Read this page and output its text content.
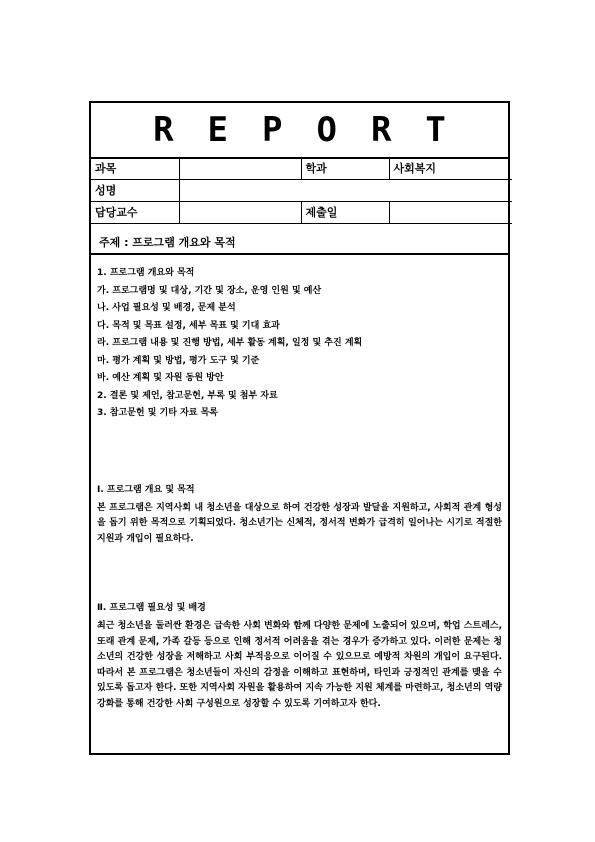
REPORT
과목		학과	사회복지
성명			
담당교수		제출일	
주제 : 프로그램 개요와 목적
1. 프로그램 개요와 목적
가. 프로그램명 및 대상, 기간 및 장소, 운영 인원 및 예산
나. 사업 필요성 및 배경, 문제 분석
다. 목적 및 목표 설정, 세부 목표 및 기대 효과
라. 프로그램 내용 및 진행 방법, 세부 활동 계획, 일정 및 추진 계획
마. 평가 계획 및 방법, 평가 도구 및 기준
바. 예산 계획 및 자원 동원 방안
2. 결론 및 제언, 참고문헌, 부록 및 첨부 자료
3. 참고문헌 및 기타 자료 목록
Ⅰ. 프로그램 개요 및 목적
본 프로그램은 지역사회 내 청소년을 대상으로 하여 건강한 성장과 발달을 지원하고, 사회적 관계 형성을 돕기 위한 목적으로 기획되었다. 청소년기는 신체적, 정서적 변화가 급격히 일어나는 시기로 적절한 지원과 개입이 필요하다.
Ⅱ. 프로그램 필요성 및 배경
최근 청소년을 둘러싼 환경은 급속한 사회 변화와 함께 다양한 문제에 노출되어 있으며, 학업 스트레스, 또래 관계 문제, 가족 갈등 등으로 인해 정서적 어려움을 겪는 경우가 증가하고 있다. 이러한 문제는 청소년의 건강한 성장을 저해하고 사회 부적응으로 이어질 수 있으므로 예방적 차원의 개입이 요구된다. 따라서 본 프로그램은 청소년들이 자신의 감정을 이해하고 표현하며, 타인과 긍정적인 관계를 맺을 수 있도록 돕고자 한다. 또한 지역사회 자원을 활용하여 지속 가능한 지원 체계를 마련하고, 청소년의 역량 강화를 통해 건강한 사회 구성원으로 성장할 수 있도록 기여하고자 한다.
